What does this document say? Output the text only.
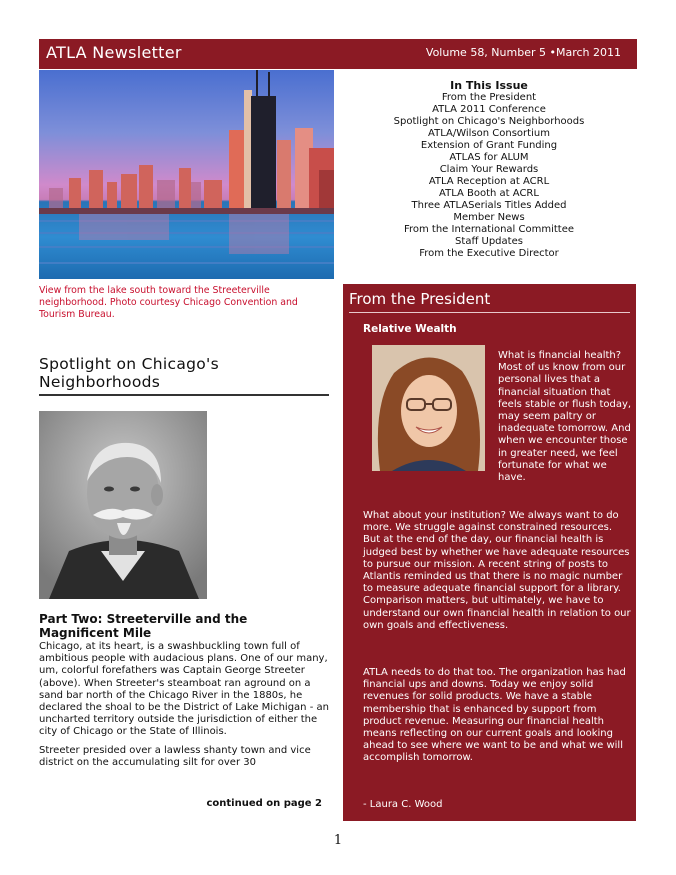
ATLA Newsletter	Volume 58, Number 5 •March 2011
View from the lake south toward the Streeterville neighborhood. Photo courtesy Chicago Convention and Tourism Bureau.
In This Issue
From the President
ATLA 2011 Conference
Spotlight on Chicago's Neighborhoods
ATLA/Wilson Consortium
Extension of Grant Funding
ATLAS for ALUM
Claim Your Rewards
ATLA Reception at ACRL
ATLA Booth at ACRL
Three ATLASerials Titles Added
Member News
From the International Committee
Staff Updates
From the Executive Director
Spotlight on Chicago's Neighborhoods
Part Two: Streeterville and the Magnificent Mile

Chicago, at its heart, is a swashbuckling town full of ambitious people with audacious plans. One of our many, um, colorful forefathers was Captain George Streeter (above). When Streeter's steamboat ran aground on a sand bar north of the Chicago River in the 1880s, he declared the shoal to be the District of Lake Michigan - an uncharted territory outside the jurisdiction of either the city of Chicago or the State of Illinois.

Streeter presided over a lawless shanty town and vice district on the accumulating silt for over 30

continued on page 2
From the President
Relative Wealth
What is financial health? Most of us know from our personal lives that a financial situation that feels stable or flush today, may seem paltry or inadequate tomorrow. And when we encounter those in greater need, we feel fortunate for what we have.
What about your institution? We always want to do more. We struggle against constrained resources. But at the end of the day, our financial health is judged best by whether we have adequate resources to pursue our mission. A recent string of posts to Atlantis reminded us that there is no magic number to measure adequate financial support for a library. Comparison matters, but ultimately, we have to understand our own financial health in relation to our own goals and effectiveness.
ATLA needs to do that too. The organization has had financial ups and downs. Today we enjoy solid revenues for solid products. We have a stable membership that is enhanced by support from product revenue. Measuring our financial health means reflecting on our current goals and looking ahead to see where we want to be and what we will accomplish tomorrow.
- Laura C. Wood
1
